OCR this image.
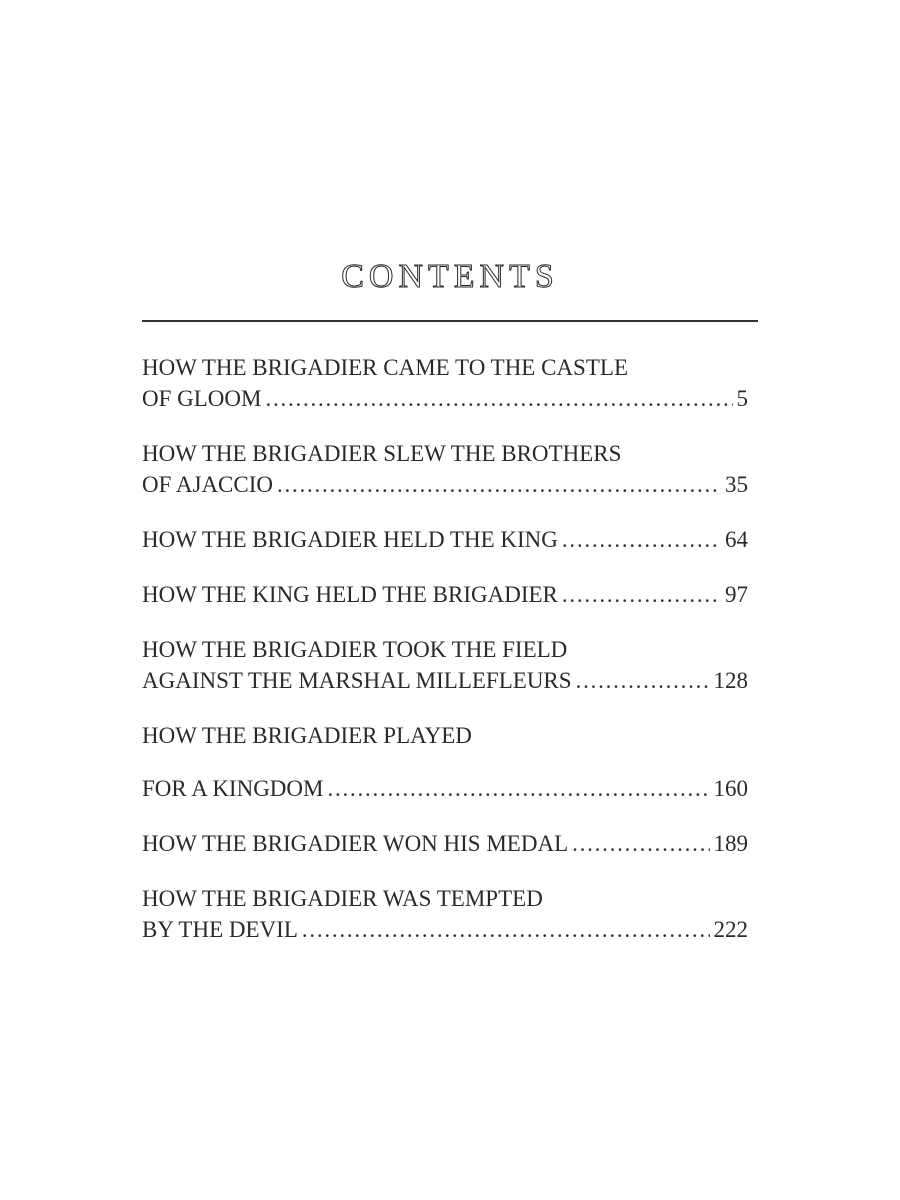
CONTENTS
HOW THE BRIGADIER CAME TO THE CASTLE
OF GLOOM . . .	5
HOW THE BRIGADIER SLEW THE BROTHERS
OF AJACCIO . . .	35
HOW THE BRIGADIER HELD THE KING . . .	64
HOW THE KING HELD THE BRIGADIER . . .	97
HOW THE BRIGADIER TOOK THE FIELD
AGAINST THE MARSHAL MILLEFLEURS . . .	128
HOW THE BRIGADIER PLAYED
FOR A KINGDOM . . .	160
HOW THE BRIGADIER WON HIS MEDAL . . .	189
HOW THE BRIGADIER WAS TEMPTED
BY THE DEVIL . . .	222
